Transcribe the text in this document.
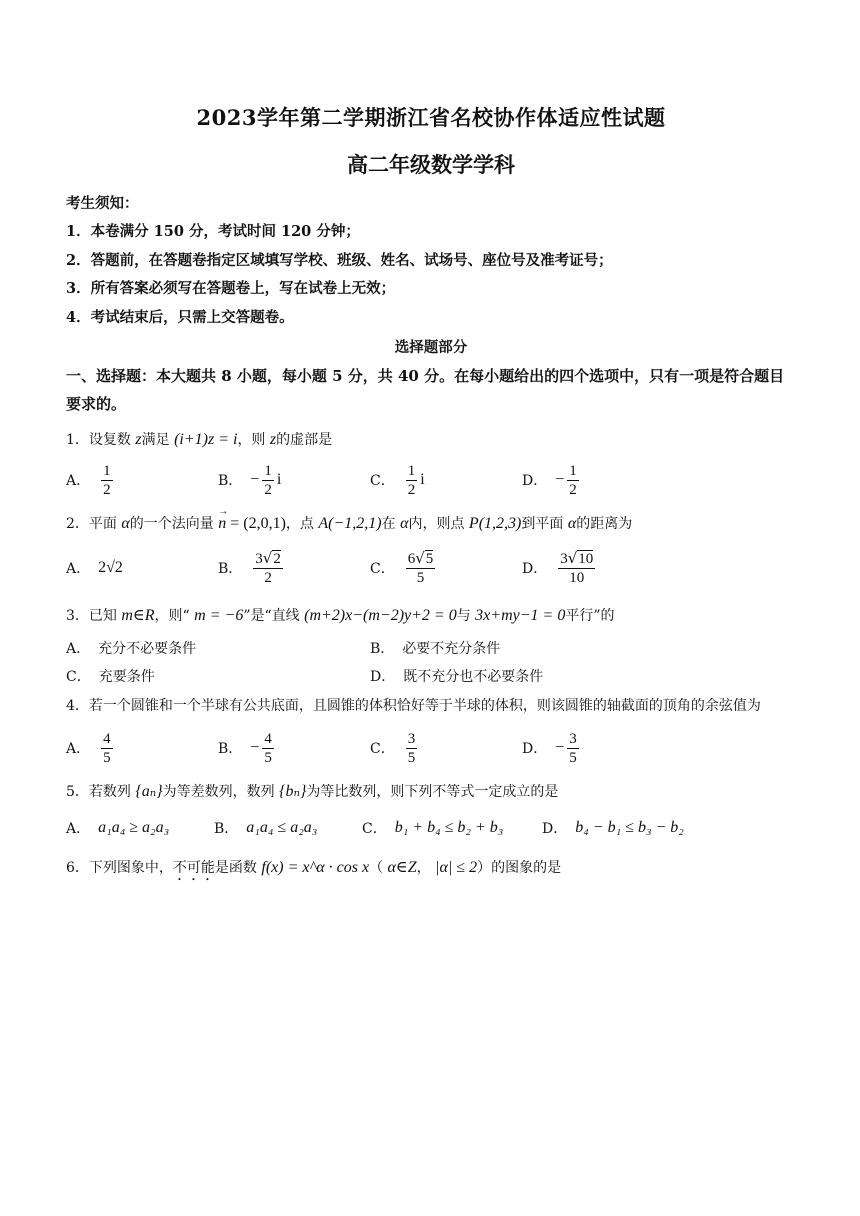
2023学年第二学期浙江省名校协作体适应性试题
高二年级数学学科
考生须知：
1．本卷满分 150 分，考试时间 120 分钟；
2．答题前，在答题卷指定区域填写学校、班级、姓名、试场号、座位号及准考证号；
3．所有答案必须写在答题卷上，写在试卷上无效；
4．考试结束后，只需上交答题卷。
选择题部分
一、选择题：本大题共 8 小题，每小题 5 分，共 40 分。在每小题给出的四个选项中，只有一项是符合题目要求的。
1．设复数 z满足 (i+1)z = i，则 z的虚部是
A． $\frac{1}{2}$	B． − $\frac{1}{2}$ i	C． $\frac{1}{2}$ i	D． − $\frac{1}{2}$
2．平面 α的一个法向量 → n = (2,0,1)，点 A(−1,2,1)在 α内，则点 P(1,2,3)到平面 α的距离为
A． 2√2	B． $\frac{3√2}{2}$	C． $\frac{6√5}{5}$	D． $\frac{3√10}{10}$
3．已知 m∈R，则“ m = −6”是“直线 (m+2)x−(m−2)y+2 = 0与 3x+my−1 = 0平行”的
A． 充分不必要条件	B． 必要不充分条件
C． 充要条件	D． 既不充分也不必要条件
4．若一个圆锥和一个半球有公共底面，且圆锥的体积恰好等于半球的体积，则该圆锥的轴截面的顶角的余弦值为
A． $\frac{4}{5}$	B． − $\frac{4}{5}$	C． $\frac{3}{5}$	D． − $\frac{3}{5}$
5．若数列 {aₙ}为等差数列，数列 {bₙ}为等比数列，则下列不等式一定成立的是
A． a₁a₄ ≥ a₂a₃	B． a₁a₄ ≤ a₂a₃	C． b₁ + b₄ ≤ b₂ + b₃	D． b₄ − b₁ ≤ b₃ − b₂
6．下列图象中，不可能是函数 f(x) = x^α · cos x（ α∈Z， |α| ≤ 2）的图象的是
